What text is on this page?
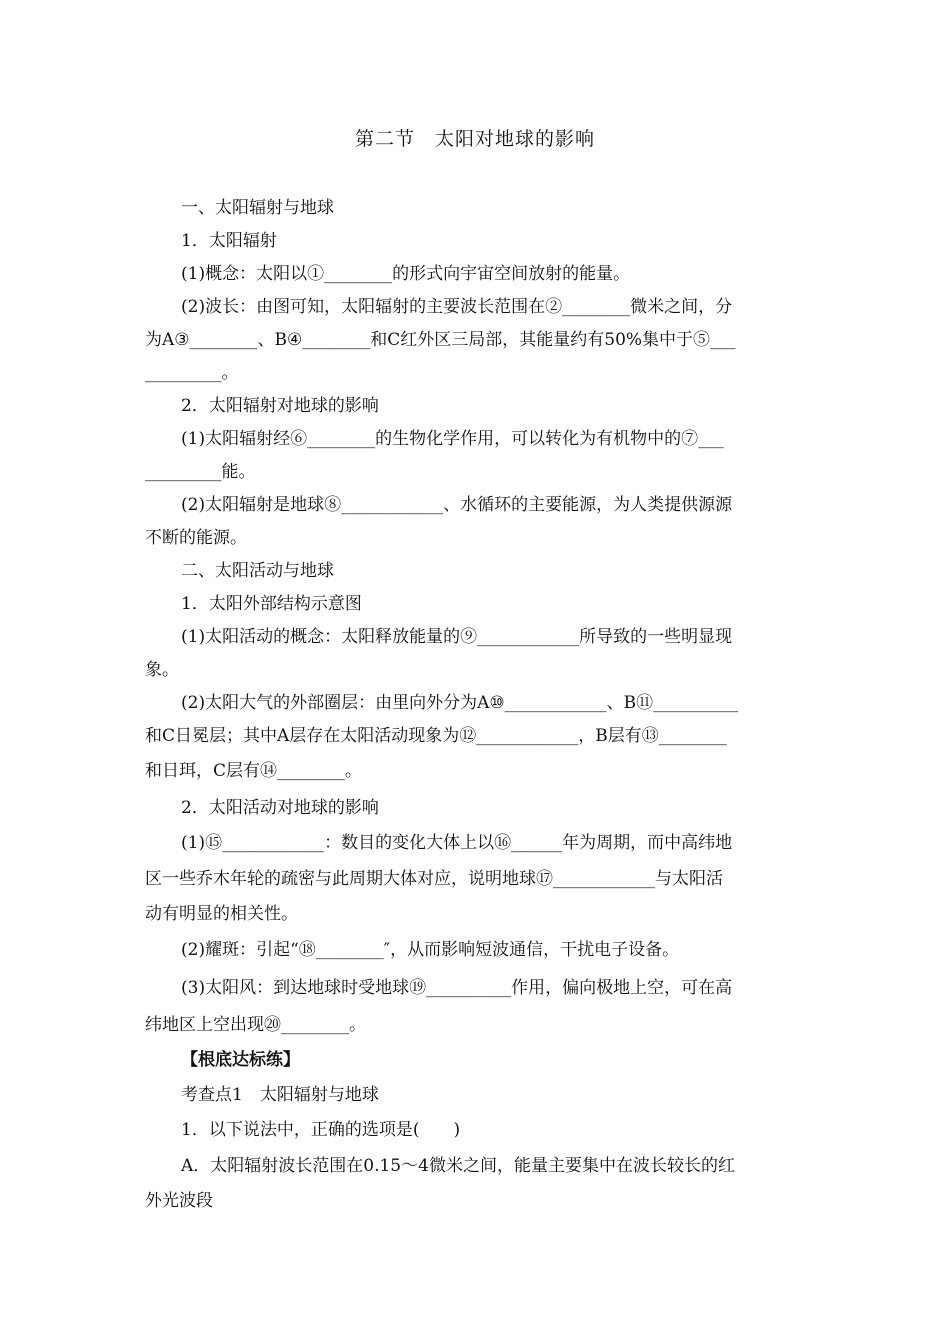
第二节　太阳对地球的影响
一、太阳辐射与地球
1．太阳辐射
(1)概念：太阳以①________的形式向宇宙空间放射的能量。
(2)波长：由图可知，太阳辐射的主要波长范围在②________微米之间，分
为A③________、B④________和C红外区三局部，其能量约有50%集中于⑤___
_________。
2．太阳辐射对地球的影响
(1)太阳辐射经⑥________的生物化学作用，可以转化为有机物中的⑦___
_________能。
(2)太阳辐射是地球⑧____________、水循环的主要能源，为人类提供源源
不断的能源。
二、太阳活动与地球
1．太阳外部结构示意图
(1)太阳活动的概念：太阳释放能量的⑨____________所导致的一些明显现
象。
(2)太阳大气的外部圈层：由里向外分为A⑩____________、B⑪__________
和C日冕层；其中A层存在太阳活动现象为⑫____________，B层有⑬________
和日珥，C层有⑭________。
2．太阳活动对地球的影响
(1)⑮____________：数目的变化大体上以⑯______年为周期，而中高纬地
区一些乔木年轮的疏密与此周期大体对应，说明地球⑰____________与太阳活
动有明显的相关性。
(2)耀斑：引起“⑱________″，从而影响短波通信，干扰电子设备。
(3)太阳风：到达地球时受地球⑲__________作用，偏向极地上空，可在高
纬地区上空出现⑳________。
【根底达标练】
考查点1　太阳辐射与地球
1．以下说法中，正确的选项是(　　)
A．太阳辐射波长范围在0.15～4微米之间，能量主要集中在波长较长的红
外光波段
